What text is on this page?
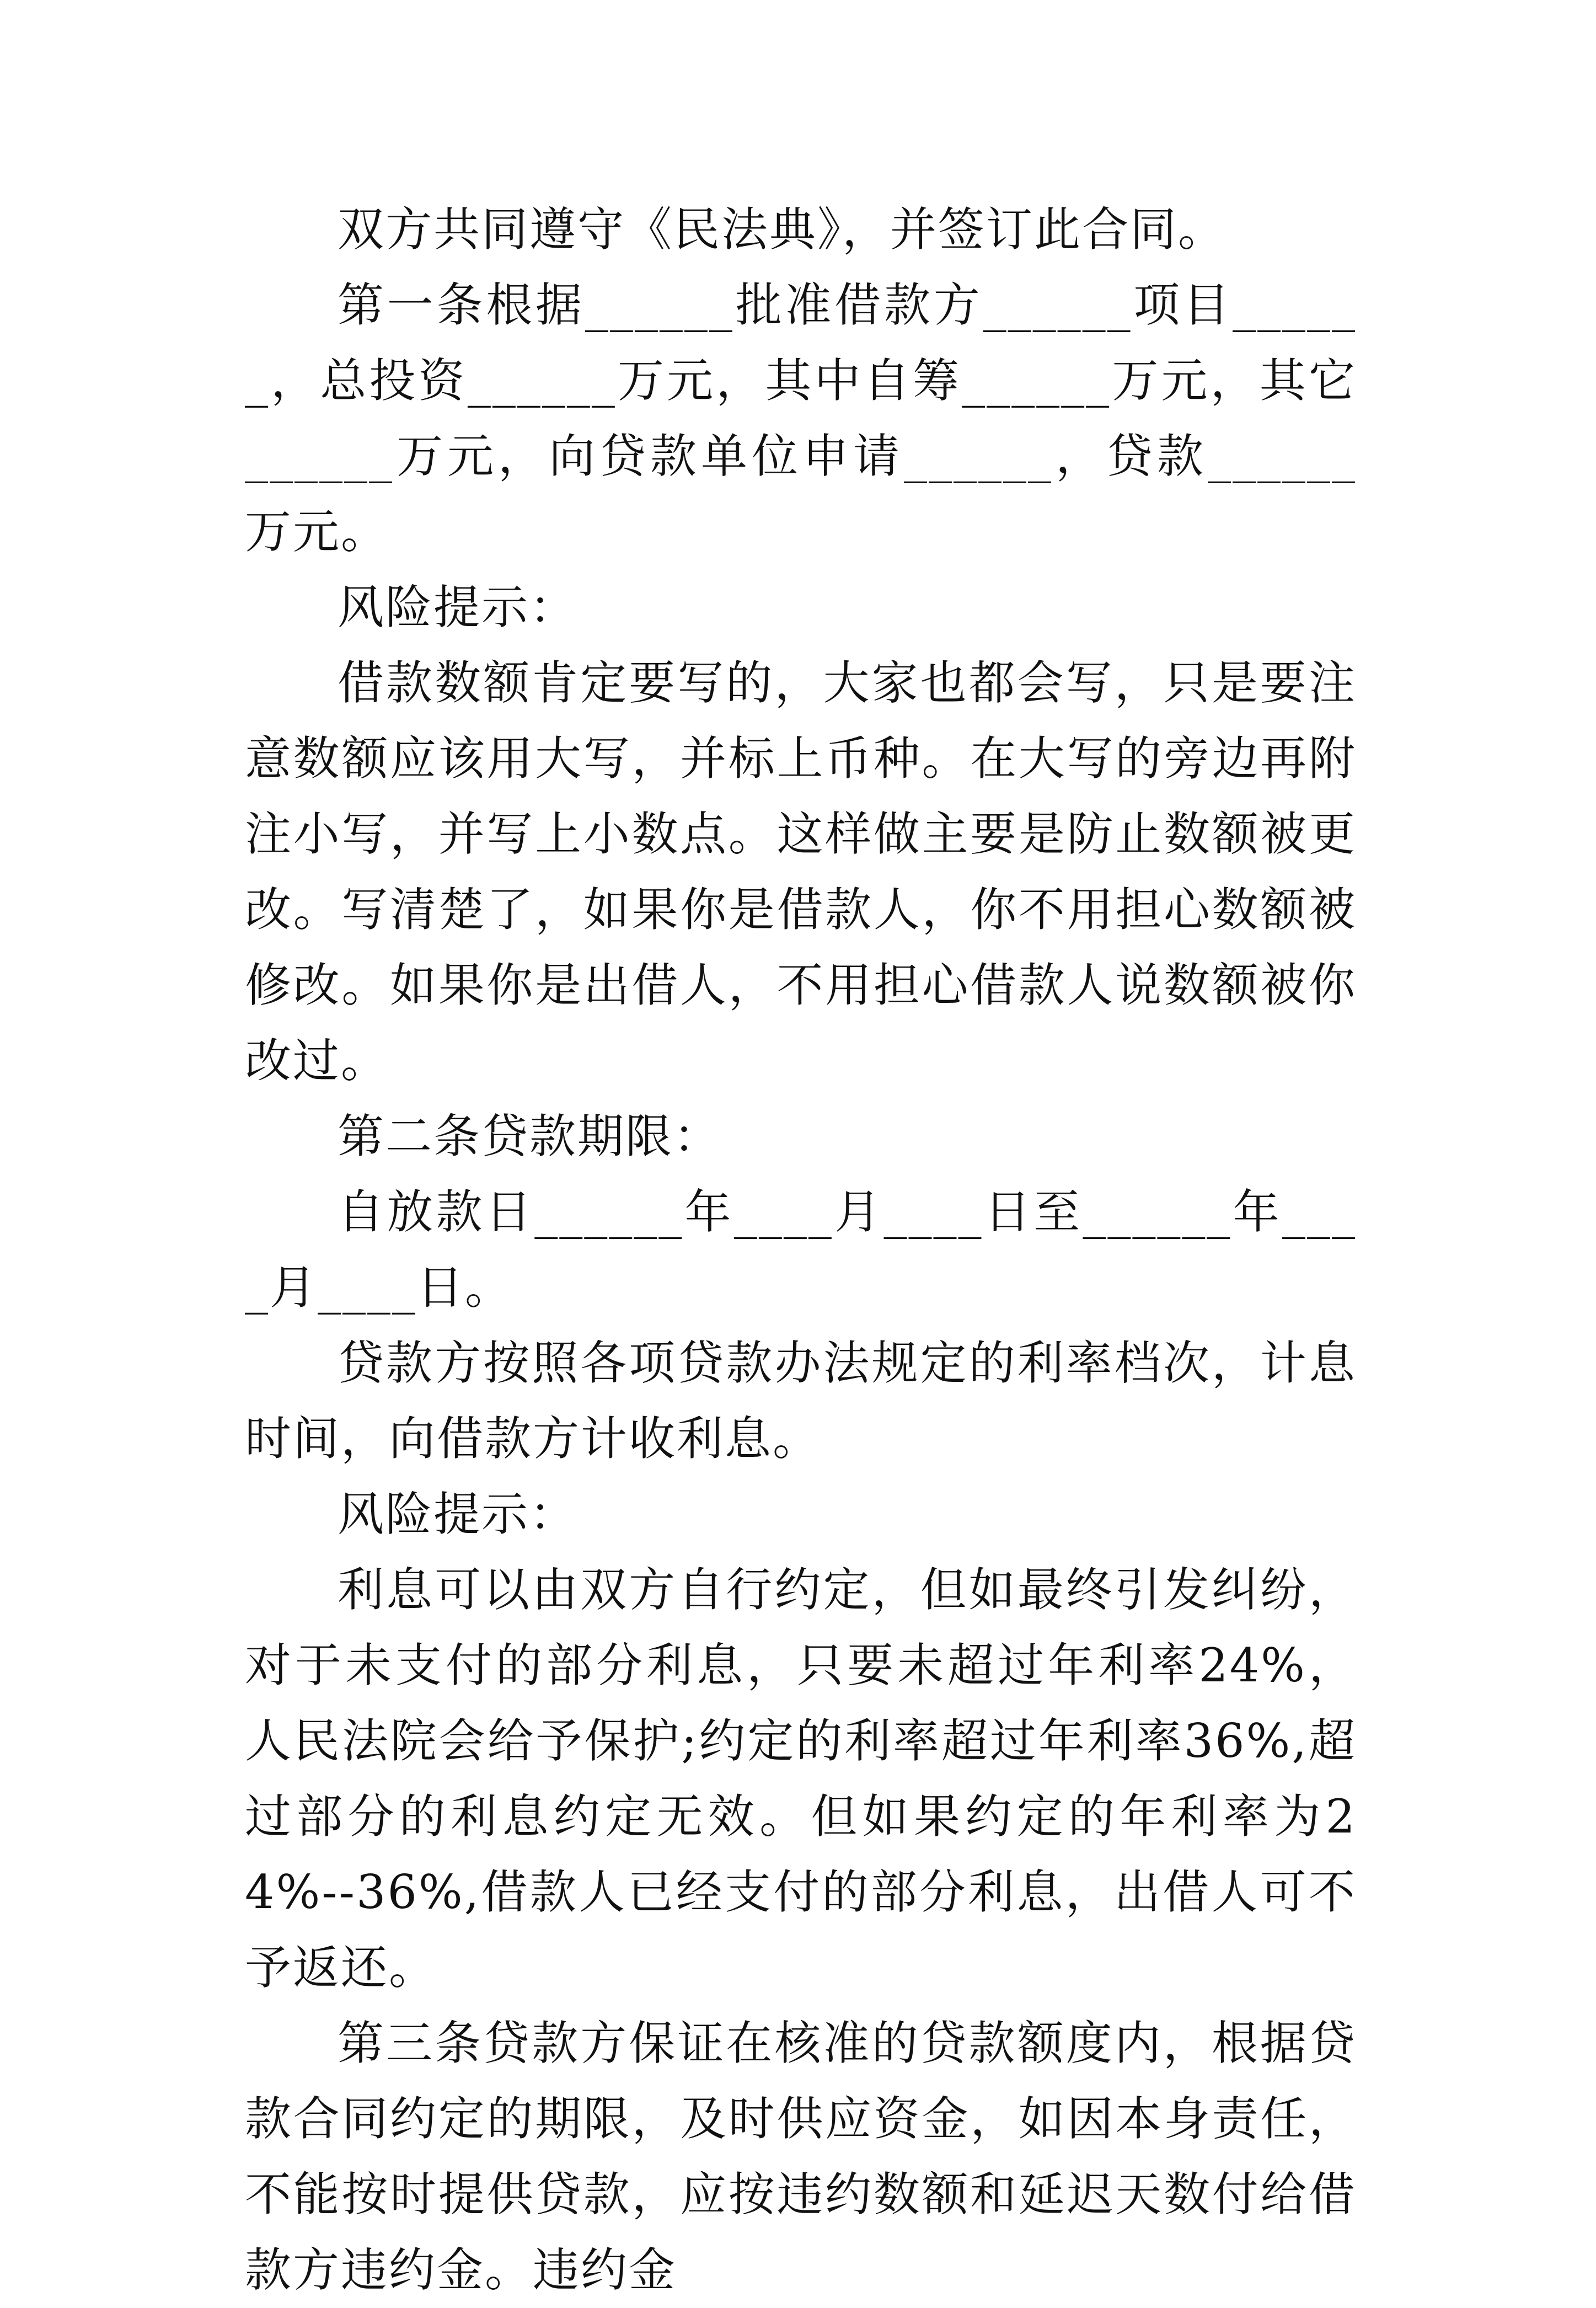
双方共同遵守《民法典》，并签订此合同。

第一条根据______批准借款方______项目______，总投资______万元，其中自筹______万元，其它______万元，向贷款单位申请______，贷款______万元。

风险提示：

借款数额肯定要写的，大家也都会写，只是要注意数额应该用大写，并标上币种。在大写的旁边再附注小写，并写上小数点。这样做主要是防止数额被更改。写清楚了，如果你是借款人，你不用担心数额被修改。如果你是出借人，不用担心借款人说数额被你改过。

第二条贷款期限：

自放款日______年____月____日至______年____月____日。

贷款方按照各项贷款办法规定的利率档次，计息时间，向借款方计收利息。

风险提示：

利息可以由双方自行约定，但如最终引发纠纷，对于未支付的部分利息，只要未超过年利率24%，人民法院会给予保护;约定的利率超过年利率36%,超过部分的利息约定无效。但如果约定的年利率为24%--36%,借款人已经支付的部分利息，出借人可不予返还。

第三条贷款方保证在核准的贷款额度内，根据贷款合同约定的期限，及时供应资金，如因本身责任，不能按时提供贷款，应按违约数额和延迟天数付给借款方违约金。违约金
